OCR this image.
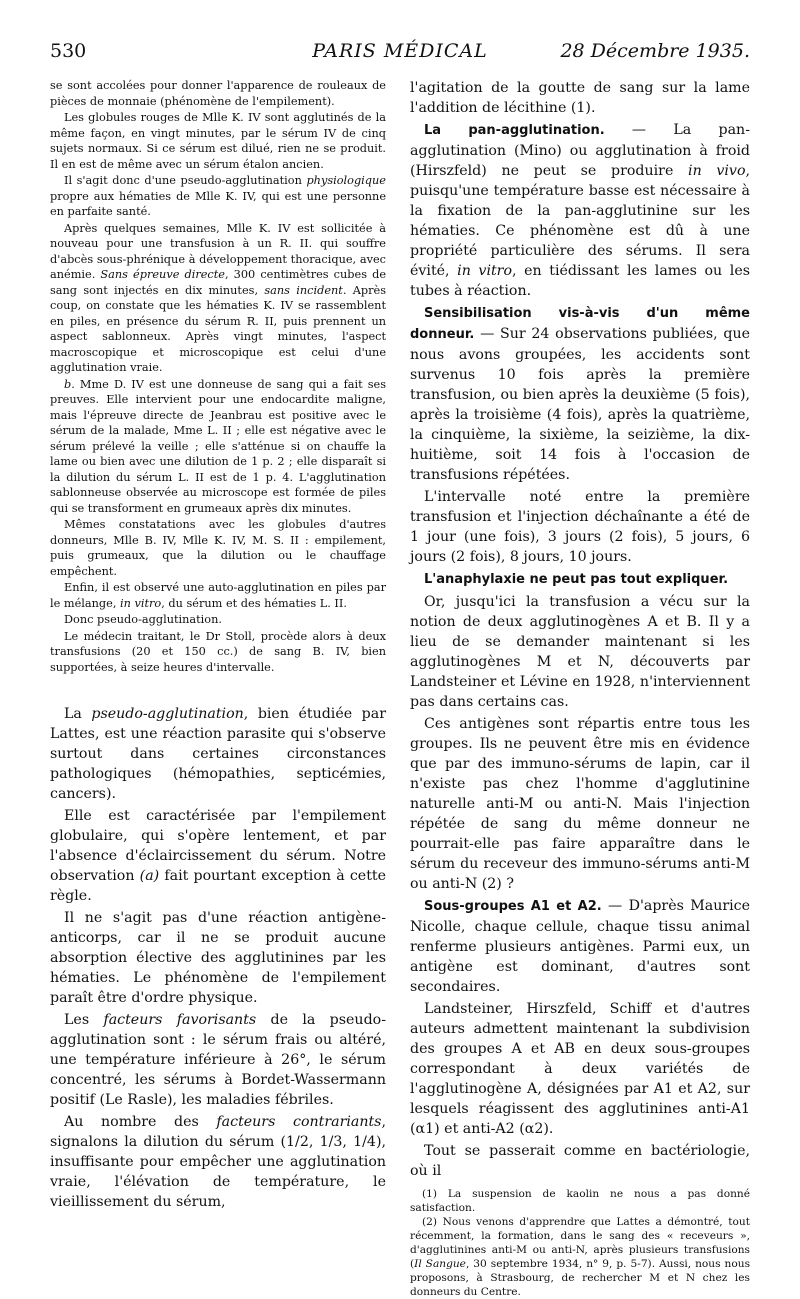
530	PARIS MÉDICAL	28 Décembre 1935.

se sont accolées pour donner l'apparence de rouleaux de pièces de monnaie (phénomène de l'empilement).

Les globules rouges de Mlle K. IV sont agglutinés de la même façon, en vingt minutes, par le sérum IV de cinq sujets normaux. Si ce sérum est dilué, rien ne se produit. Il en est de même avec un sérum étalon ancien.

Il s'agit donc d'une pseudo-agglutination physiologique propre aux hématies de Mlle K. IV, qui est une personne en parfaite santé.

Après quelques semaines, Mlle K. IV est sollicitée à nouveau pour une transfusion à un R. II. qui souffre d'abcès sous-phrénique à développement thoracique, avec anémie. Sans épreuve directe, 300 centimètres cubes de sang sont injectés en dix minutes, sans incident. Après coup, on constate que les hématies K. IV se rassemblent en piles, en présence du sérum R. II, puis prennent un aspect sablonneux. Après vingt minutes, l'aspect macroscopique et microscopique est celui d'une agglutination vraie.

b. Mme D. IV est une donneuse de sang qui a fait ses preuves. Elle intervient pour une endocardite maligne, mais l'épreuve directe de Jeanbrau est positive avec le sérum de la malade, Mme L. II ; elle est négative avec le sérum prélevé la veille ; elle s'atténue si on chauffe la lame ou bien avec une dilution de 1 p. 2 ; elle disparaît si la dilution du sérum L. II est de 1 p. 4. L'agglutination sablonneuse observée au microscope est formée de piles qui se transforment en grumeaux après dix minutes.

Mêmes constatations avec les globules d'autres donneurs, Mlle B. IV, Mlle K. IV, M. S. II : empilement, puis grumeaux, que la dilution ou le chauffage empêchent.

Enfin, il est observé une auto-agglutination en piles par le mélange, in vitro, du sérum et des hématies L. II.

Donc pseudo-agglutination.

Le médecin traitant, le Dr Stoll, procède alors à deux transfusions (20 et 150 cc.) de sang B. IV, bien supportées, à seize heures d'intervalle.

La pseudo-agglutination, bien étudiée par Lattes, est une réaction parasite qui s'observe surtout dans certaines circonstances pathologiques (hémopathies, septicémies, cancers).

Elle est caractérisée par l'empilement globulaire, qui s'opère lentement, et par l'absence d'éclaircissement du sérum. Notre observation (a) fait pourtant exception à cette règle.

Il ne s'agit pas d'une réaction antigène-anticorps, car il ne se produit aucune absorption élective des agglutinines par les hématies. Le phénomène de l'empilement paraît être d'ordre physique.

Les facteurs favorisants de la pseudo-agglutination sont : le sérum frais ou altéré, une température inférieure à 26°, le sérum concentré, les sérums à Bordet-Wassermann positif (Le Rasle), les maladies fébriles.

Au nombre des facteurs contrariants, signalons la dilution du sérum (1/2, 1/3, 1/4), insuffisante pour empêcher une agglutination vraie, l'élévation de température, le vieillissement du sérum,

l'agitation de la goutte de sang sur la lame l'addition de lécithine (1).

La pan-agglutination. — La pan-agglutination (Mino) ou agglutination à froid (Hirszfeld) ne peut se produire in vivo, puisqu'une température basse est nécessaire à la fixation de la pan-agglutinine sur les hématies. Ce phénomène est dû à une propriété particulière des sérums. Il sera évité, in vitro, en tiédissant les lames ou les tubes à réaction.

Sensibilisation vis-à-vis d'un même donneur. — Sur 24 observations publiées, que nous avons groupées, les accidents sont survenus 10 fois après la première transfusion, ou bien après la deuxième (5 fois), après la troisième (4 fois), après la quatrième, la cinquième, la sixième, la seizième, la dix-huitième, soit 14 fois à l'occasion de transfusions répétées.

L'intervalle noté entre la première transfusion et l'injection déchaînante a été de 1 jour (une fois), 3 jours (2 fois), 5 jours, 6 jours (2 fois), 8 jours, 10 jours.

L'anaphylaxie ne peut pas tout expliquer.

Or, jusqu'ici la transfusion a vécu sur la notion de deux agglutinogènes A et B. Il y a lieu de se demander maintenant si les agglutinogènes M et N, découverts par Landsteiner et Lévine en 1928, n'interviennent pas dans certains cas.

Ces antigènes sont répartis entre tous les groupes. Ils ne peuvent être mis en évidence que par des immuno-sérums de lapin, car il n'existe pas chez l'homme d'agglutinine naturelle anti-M ou anti-N. Mais l'injection répétée de sang du même donneur ne pourrait-elle pas faire apparaître dans le sérum du receveur des immuno-sérums anti-M ou anti-N (2) ?

Sous-groupes A1 et A2. — D'après Maurice Nicolle, chaque cellule, chaque tissu animal renferme plusieurs antigènes. Parmi eux, un antigène est dominant, d'autres sont secondaires.

Landsteiner, Hirszfeld, Schiff et d'autres auteurs admettent maintenant la subdivision des groupes A et AB en deux sous-groupes correspondant à deux variétés de l'agglutinogène A, désignées par A1 et A2, sur lesquels réagissent des agglutinines anti-A1 (α1) et anti-A2 (α2).

Tout se passerait comme en bactériologie, où il

(1) La suspension de kaolin ne nous a pas donné satisfaction.

(2) Nous venons d'apprendre que Lattes a démontré, tout récemment, la formation, dans le sang des « receveurs », d'agglutinines anti-M ou anti-N, après plusieurs transfusions (Il Sangue, 30 septembre 1934, n° 9, p. 5-7). Aussi, nous nous proposons, à Strasbourg, de rechercher M et N chez les donneurs du Centre.
